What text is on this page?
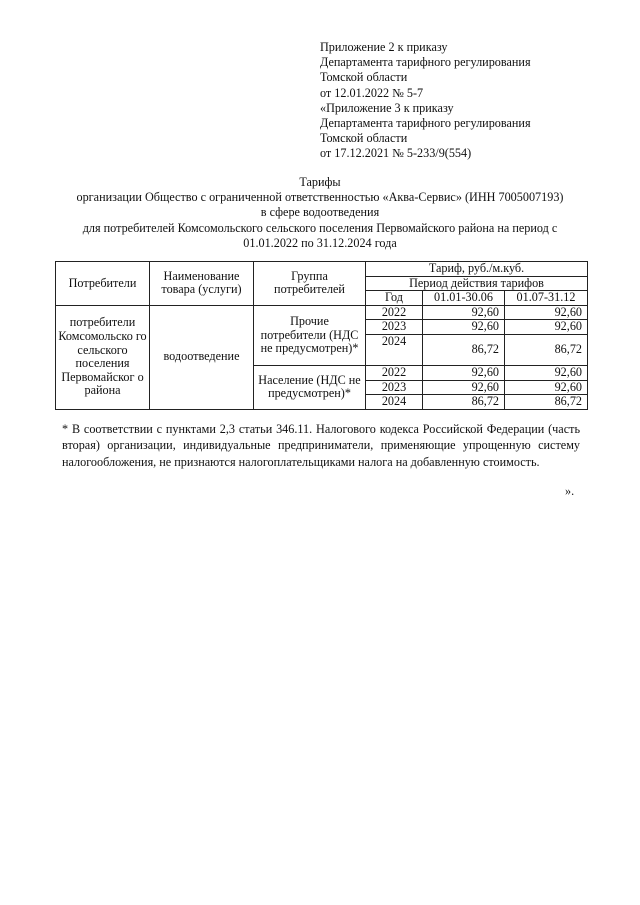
Приложение 2 к приказу
Департамента тарифного регулирования
Томской области
от 12.01.2022 № 5-7
«Приложение 3 к приказу
Департамента тарифного регулирования
Томской области
от 17.12.2021 № 5-233/9(554)
Тарифы
организации Общество с ограниченной ответственностью «Аква-Сервис» (ИНН 7005007193)
в сфере водоотведения
для потребителей Комсомольского сельского поселения Первомайского района на период с
01.01.2022 по 31.12.2024 года
Потребители	Наименование товара (услуги)	Группа потребителей	Тариф, руб./м.куб.		
			Период действия тарифов		
			Год	01.01-30.06	01.07-31.12
потребители Комсомольско го сельского поселения Первомайског о района	водоотведение	Прочие потребители (НДС не предусмотрен)*	2022	92,60	92,60
			2023	92,60	92,60
			2024	86,72	86,72
		Население (НДС не предусмотрен)*	2022	92,60	92,60
			2023	92,60	92,60
			2024	86,72	86,72
* В соответствии с пунктами 2,3 статьи 346.11. Налогового кодекса Российской Федерации (часть вторая) организации, индивидуальные предприниматели, применяющие упрощенную систему налогообложения, не признаются налогоплательщиками налога на добавленную стоимость.
».
